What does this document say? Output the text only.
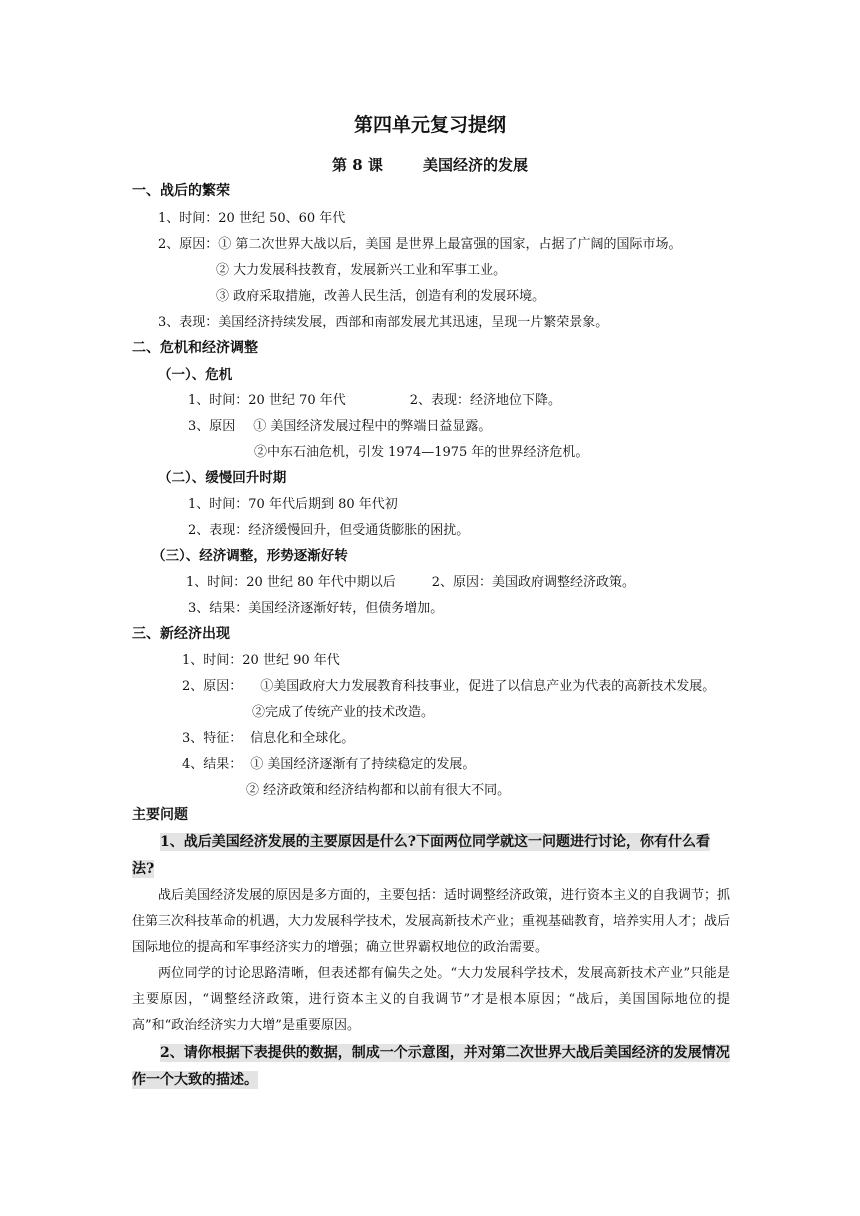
第四单元复习提纲
第 8 课	美国经济的发展
一、战后的繁荣
1、时间：20 世纪 50、60 年代
2、原因：① 第二次世界大战以后，美国 是世界上最富强的国家，占据了广阔的国际市场。
② 大力发展科技教育，发展新兴工业和军事工业。
③ 政府采取措施，改善人民生活，创造有利的发展环境。
3、表现：美国经济持续发展，西部和南部发展尤其迅速，呈现一片繁荣景象。
二、危机和经济调整
（一）、危机
1、时间：20 世纪 70 年代	2、表现：经济地位下降。
3、原因 ① 美国经济发展过程中的弊端日益显露。
②中东石油危机，引发 1974—1975 年的世界经济危机。
（二）、缓慢回升时期
1、时间：70 年代后期到 80 年代初
2、表现：经济缓慢回升，但受通货膨胀的困扰。
（三）、经济调整，形势逐渐好转
1、时间：20 世纪 80 年代中期以后	2、原因：美国政府调整经济政策。
3、结果：美国经济逐渐好转，但债务增加。
三、新经济出现
1、时间：20 世纪 90 年代
2、原因： ①美国政府大力发展教育科技事业，促进了以信息产业为代表的高新技术发展。
②完成了传统产业的技术改造。
3、特征： 信息化和全球化。
4、结果： ① 美国经济逐渐有了持续稳定的发展。
② 经济政策和经济结构都和以前有很大不同。
主要问题
1、战后美国经济发展的主要原因是什么?下面两位同学就这一问题进行讨论，你有什么看法?
战后美国经济发展的原因是多方面的，主要包括：适时调整经济政策，进行资本主义的自我调节；抓住第三次科技革命的机遇，大力发展科学技术，发展高新技术产业；重视基础教育，培养实用人才；战后国际地位的提高和军事经济实力的增强；确立世界霸权地位的政治需要。
两位同学的讨论思路清晰，但表述都有偏失之处。“大力发展科学技术，发展高新技术产业”只能是主要原因，“调整经济政策，进行资本主义的自我调节”才是根本原因；“战后，美国国际地位的提高”和“政治经济实力大增”是重要原因。
2、请你根据下表提供的数据，制成一个示意图，并对第二次世界大战后美国经济的发展情况作一个大致的描述。
